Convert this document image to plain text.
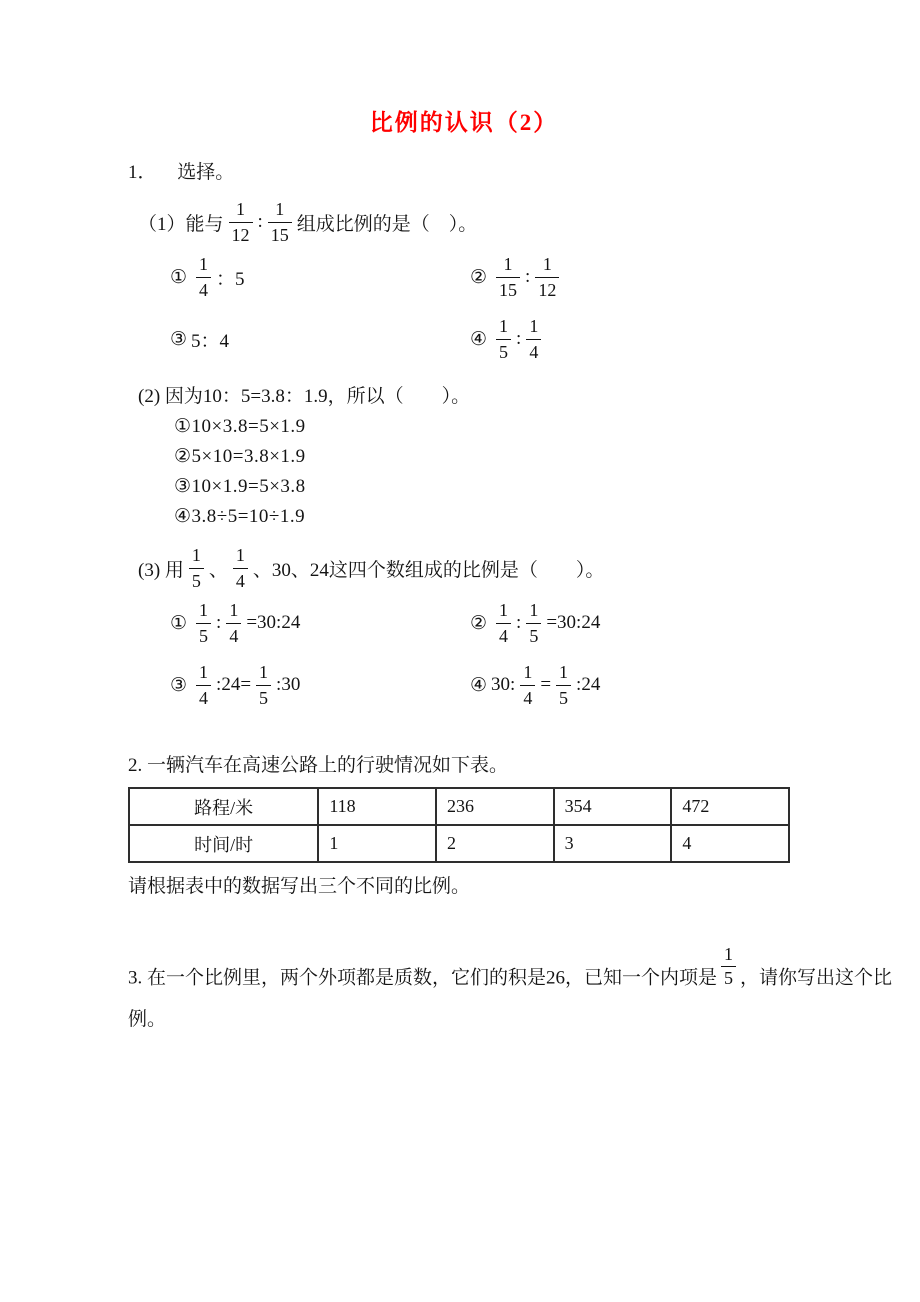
比例的认识（2）
1． 选择。
（1）能与 $\frac{1}{12}$ : $\frac{1}{15}$ 组成比例的是（　）。
① $\frac{1}{4}$ ：5	② $\frac{1}{15}$ : $\frac{1}{12}$
③ 5：4	④ $\frac{1}{5}$ : $\frac{1}{4}$
(2) 因为10：5=3.8：1.9，所以（　　）。
①10×3.8=5×1.9
②5×10=3.8×1.9
③10×1.9=5×3.8
④3.8÷5=10÷1.9
(3) 用 $\frac{1}{5}$ 、 $\frac{1}{4}$ 、30、24这四个数组成的比例是（　　）。
① $\frac{1}{5}$ : $\frac{1}{4}$ =30:24	② $\frac{1}{4}$ : $\frac{1}{5}$ =30:24
③ $\frac{1}{4}$ :24= $\frac{1}{5}$ :30	④ 30: $\frac{1}{4} = \frac{1}{5}$ :24
2. 一辆汽车在高速公路上的行驶情况如下表。
路程/米	118	236	354	472
时间/时	1	2	3	4
请根据表中的数据写出三个不同的比例。
3. 在一个比例里，两个外项都是质数，它们的积是26，已知一个内项是 $\frac{1}{5}$ ，请你写出这个比例。
